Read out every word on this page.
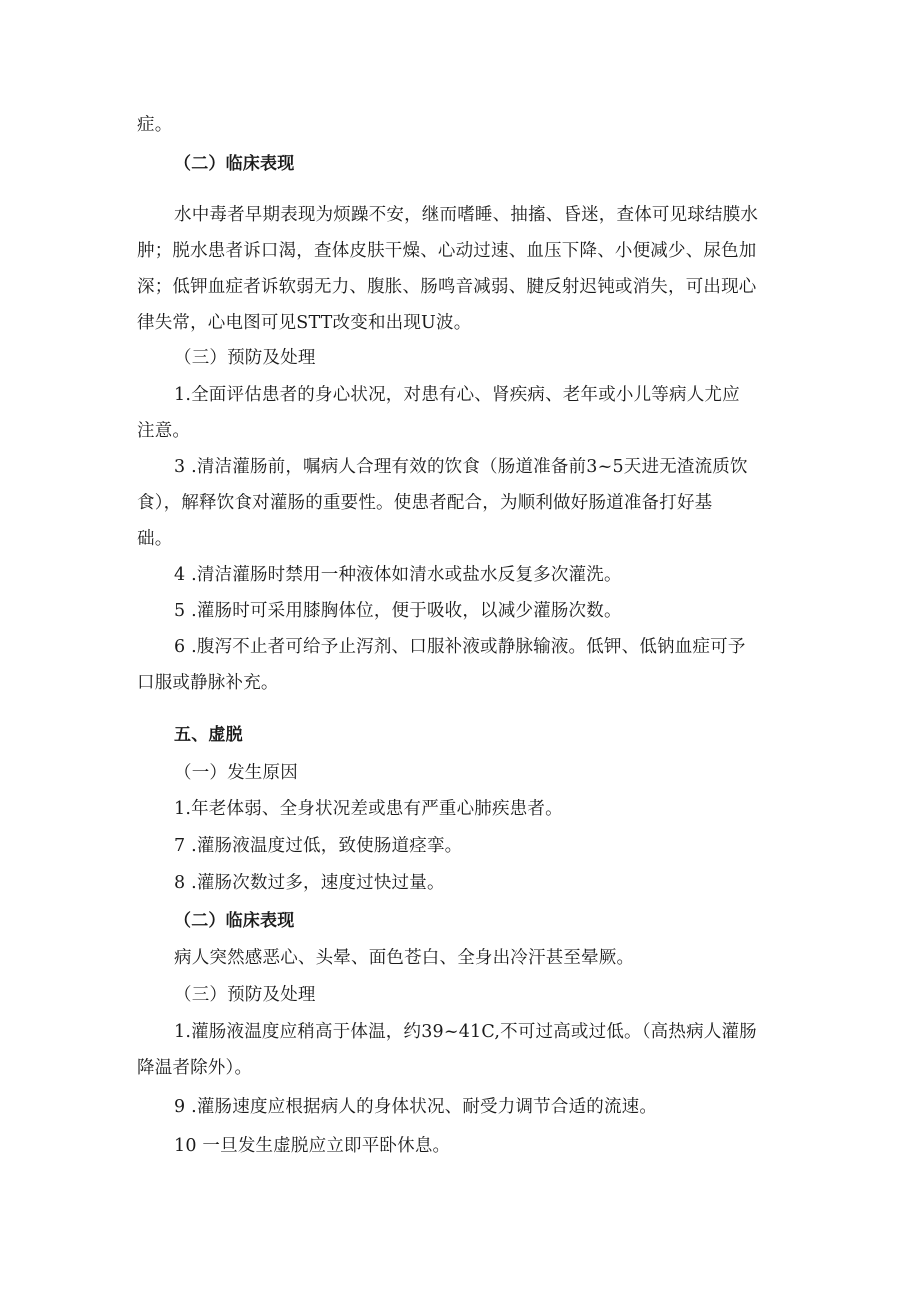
症。
（二）临床表现
水中毒者早期表现为烦躁不安，继而嗜睡、抽搐、昏迷，查体可见球结膜水
肿；脱水患者诉口渴，查体皮肤干燥、心动过速、血压下降、小便减少、尿色加
深；低钾血症者诉软弱无力、腹胀、肠鸣音减弱、腱反射迟钝或消失，可出现心
律失常，心电图可见STT改变和出现U波。
（三）预防及处理
1.全面评估患者的身心状况，对患有心、肾疾病、老年或小儿等病人尤应
注意。
3 .清洁灌肠前，嘱病人合理有效的饮食（肠道准备前3~5天进无渣流质饮
食），解释饮食对灌肠的重要性。使患者配合，为顺利做好肠道准备打好基
础。
4 .清洁灌肠时禁用一种液体如清水或盐水反复多次灌洗。
5 .灌肠时可采用膝胸体位，便于吸收，以减少灌肠次数。
6 .腹泻不止者可给予止泻剂、口服补液或静脉输液。低钾、低钠血症可予
口服或静脉补充。
五、虚脱
（一）发生原因
1.年老体弱、全身状况差或患有严重心肺疾患者。
7 .灌肠液温度过低，致使肠道痉挛。
8 .灌肠次数过多，速度过快过量。
（二）临床表现
病人突然感恶心、头晕、面色苍白、全身出冷汗甚至晕厥。
（三）预防及处理
1.灌肠液温度应稍高于体温，约39~41C,不可过高或过低。（高热病人灌肠
降温者除外）。
9 .灌肠速度应根据病人的身体状况、耐受力调节合适的流速。
10 一旦发生虚脱应立即平卧休息。
